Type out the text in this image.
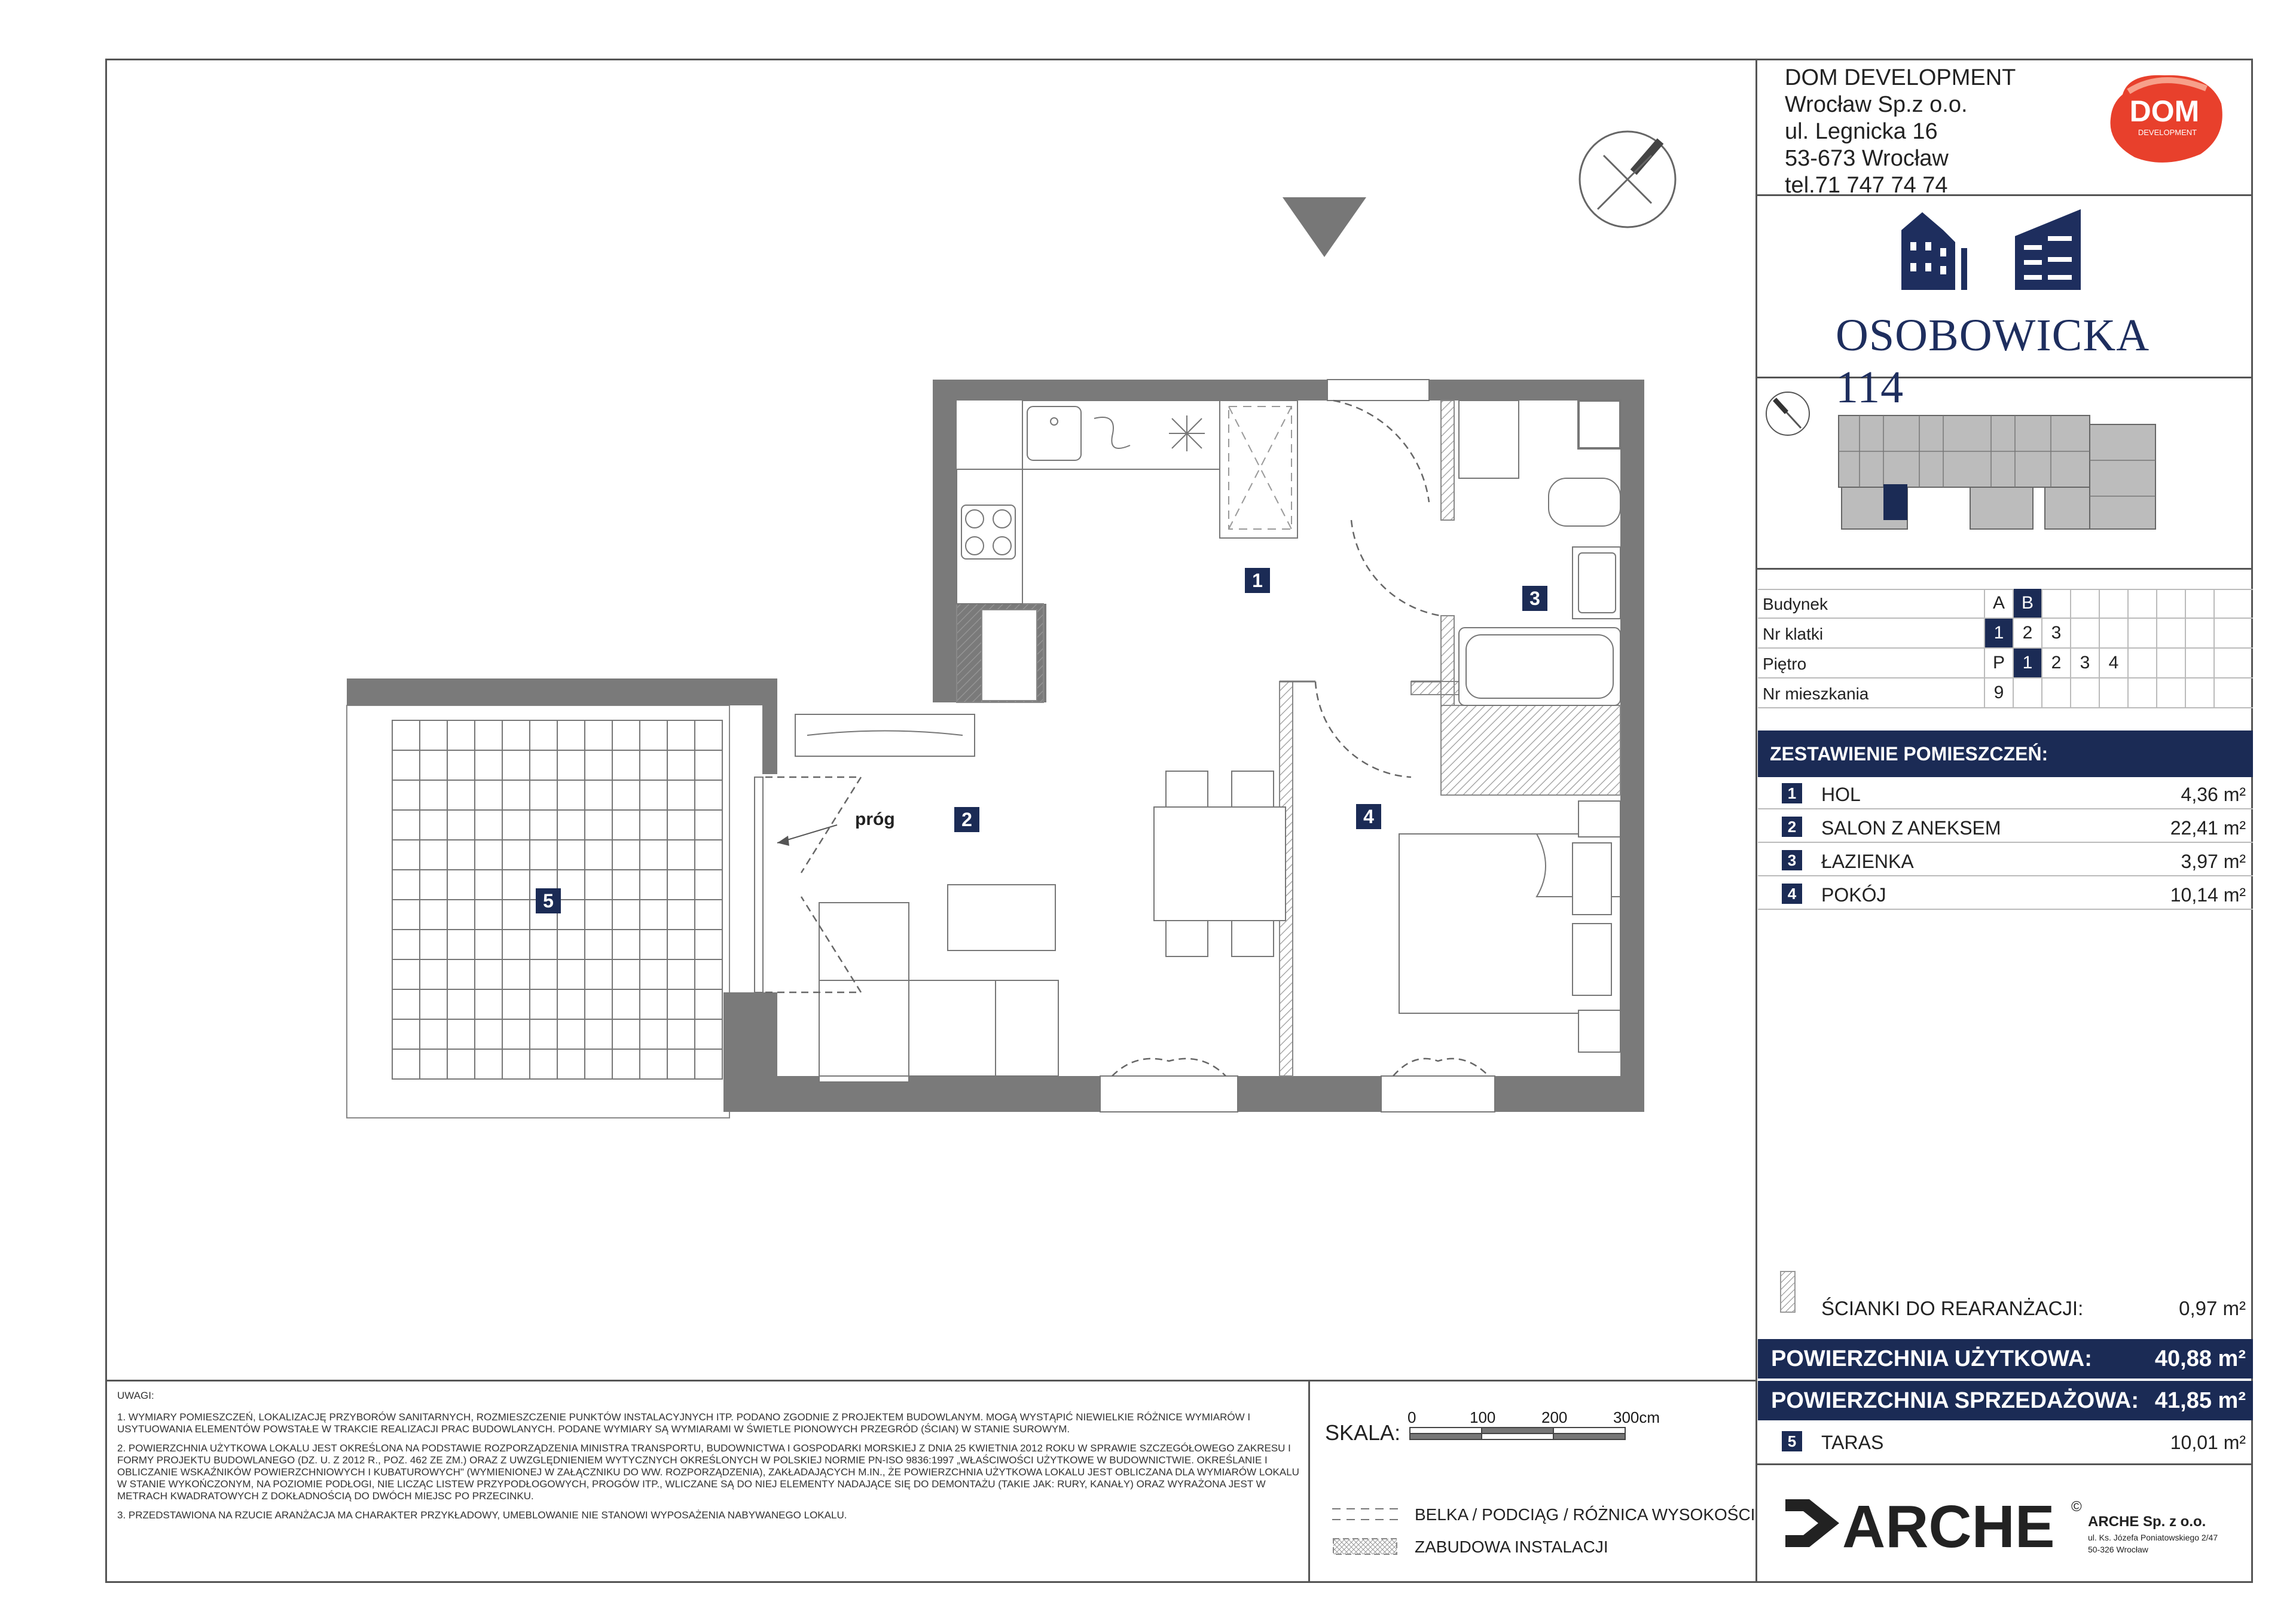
DOM DEVELOPMENT
Wrocław Sp.z o.o.
ul. Legnicka 16
53-673 Wrocław
tel.71 747 74 74
DOM
DEVELOPMENT
OSOBOWICKA 114
Budynek	A B
Nr klatki	1	2	3
Piętro	P 1	2	3	4
Nr mieszkania	9
ZESTAWIENIE POMIESZCZEŃ:
1	HOL	4,36 m²
2	SALON Z ANEKSEM	22,41 m²
3	ŁAZIENKA	3,97 m²
4	POKÓJ	10,14 m²
ŚCIANKI DO REARANŻACJI:	0,97 m²
POWIERZCHNIA UŻYTKOWA:	40,88 m²
POWIERZCHNIA SPRZEDAŻOWA: 41,85 m²
5	TARAS	10,01 m²
ARCHE ©
ARCHE Sp. z o.o.
ul. Ks. Józefa Poniatowskiego 2/47
50-326 Wrocław

UWAGI:

1. WYMIARY POMIESZCZEŃ, LOKALIZACJĘ PRZYBORÓW SANITARNYCH, ROZMIESZCZENIE PUNKTÓW INSTALACYJNYCH ITP. PODANO ZGODNIE Z PROJEKTEM BUDOWLANYM. MOGĄ WYSTĄPIĆ NIEWIELKIE RÓŻNICE WYMIARÓW I USYTUOWANIA ELEMENTÓW POWSTAŁE W TRAKCIE REALIZACJI PRAC BUDOWLANYCH. PODANE WYMIARY SĄ WYMIARAMI W ŚWIETLE PIONOWYCH PRZEGRÓD (ŚCIAN) W STANIE SUROWYM.

2. POWIERZCHNIA UŻYTKOWA LOKALU JEST OKREŚLONA NA PODSTAWIE ROZPORZĄDZENIA MINISTRA TRANSPORTU, BUDOWNICTWA I GOSPODARKI MORSKIEJ Z DNIA 25 KWIETNIA 2012 ROKU W SPRAWIE SZCZEGÓŁOWEGO ZAKRESU I FORMY PROJEKTU BUDOWLANEGO (DZ. U. Z 2012 R., POZ. 462 ZE ZM.) ORAZ Z UWZGLĘDNIENIEM WYTYCZNYCH OKREŚLONYCH W POLSKIEJ NORMIE PN-ISO 9836:1997 „WŁAŚCIWOŚCI UŻYTKOWE W BUDOWNICTWIE. OKREŚLANIE I OBLICZANIE WSKAŹNIKÓW POWIERZCHNIOWYCH I KUBATUROWYCH" (WYMIENIONEJ W ZAŁĄCZNIKU DO WW. ROZPORZĄDZENIA), ZAKŁADAJĄCYCH M.IN., ŻE POWIERZCHNIA UŻYTKOWA LOKALU JEST OBLICZANA DLA WYMIARÓW LOKALU W STANIE WYKOŃCZONYM, NA POZIOMIE PODŁOGI, NIE LICZĄC LISTEW PRZYPODŁOGOWYCH, PROGÓW ITP., WLICZANE SĄ DO NIEJ ELEMENTY NADAJĄCE SIĘ DO DEMONTAŻU (TAKIE JAK: RURY, KANAŁY) ORAZ WYRAŻONA JEST W METRACH KWADRATOWYCH Z DOKŁADNOŚCIĄ DO DWÓCH MIEJSC PO PRZECINKU.

3. PRZEDSTAWIONA NA RZUCIE ARANŻACJA MA CHARAKTER PRZYKŁADOWY, UMEBLOWANIE NIE STANOWI WYPOSAŻENIA NABYWANEGO LOKALU.

SKALA:
0	100	200	300cm
BELKA / PODCIĄG / RÓŻNICA WYSOKOŚCI
ZABUDOWA INSTALACJI
próg
1
2
3
4
5
